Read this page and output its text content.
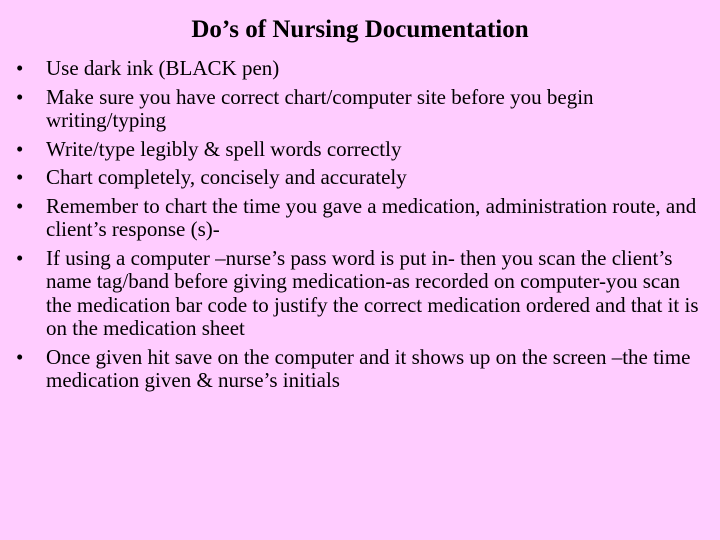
Do’s of Nursing Documentation
•	Use dark ink (BLACK pen)
•	Make sure you have correct chart/computer site before you begin writing/typing
•	Write/type legibly & spell words correctly
•	Chart completely, concisely and accurately
•	Remember to chart the time you gave a medication, administration route, and client’s response (s)-
•	If using a computer –nurse’s pass word is put in- then you scan the client’s name tag/band before giving medication-as recorded on computer-you scan the medication bar code to justify the correct medication ordered and that it is on the medication sheet
•	Once given hit save on the computer and it shows up on the screen –the time medication given & nurse’s initials
